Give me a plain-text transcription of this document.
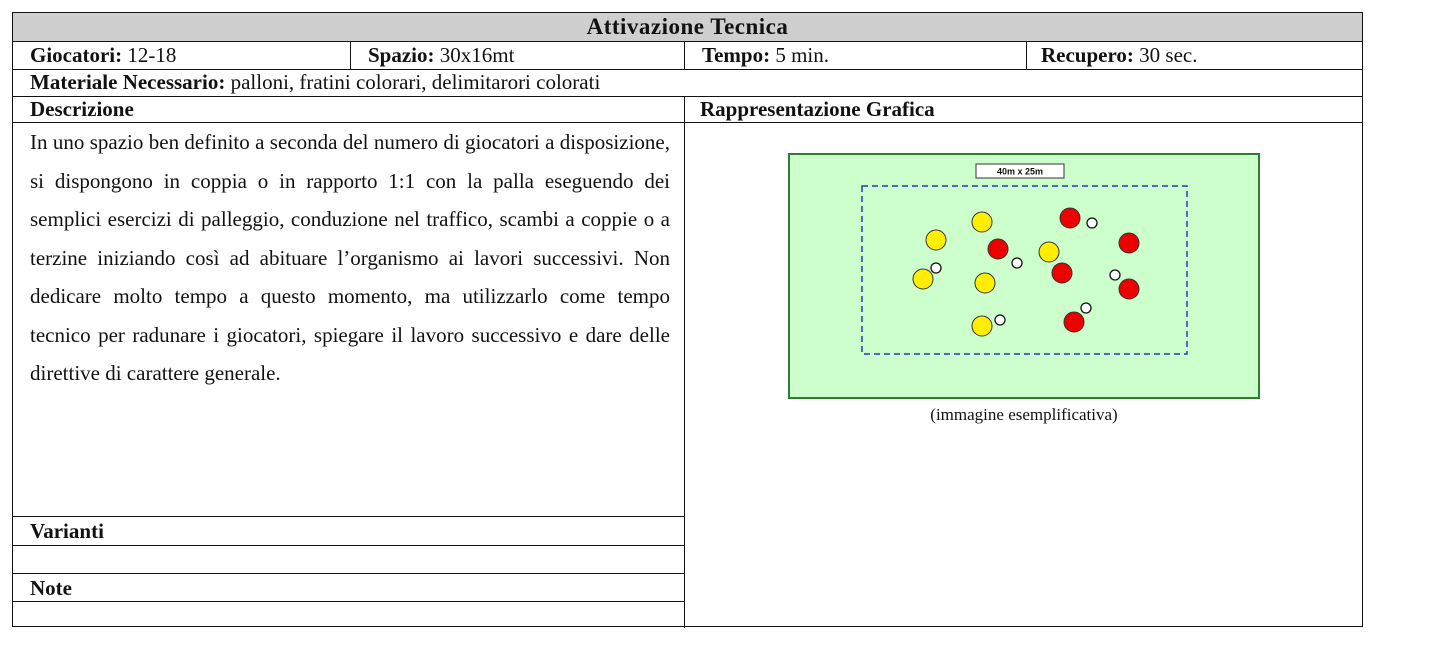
Attivazione Tecnica
Giocatori: 12-18	Spazio: 30x16mt	Tempo: 5 min.	Recupero: 30 sec.
Materiale Necessario: palloni, fratini colorari, delimitarori colorati
Descrizione	Rappresentazione Grafica
In uno spazio ben definito a seconda del numero di giocatori a disposizione, si dispongono in coppia o in rapporto 1:1 con la palla eseguendo dei semplici esercizi di palleggio, conduzione nel traffico, scambi a coppie o a terzine iniziando così ad abituare l’organismo ai lavori successivi. Non dedicare molto tempo a questo momento, ma utilizzarlo come tempo tecnico per radunare i giocatori, spiegare il lavoro successivo e dare delle direttive di carattere generale.
Varianti
Note
40m x 25m
(immagine esemplificativa)
